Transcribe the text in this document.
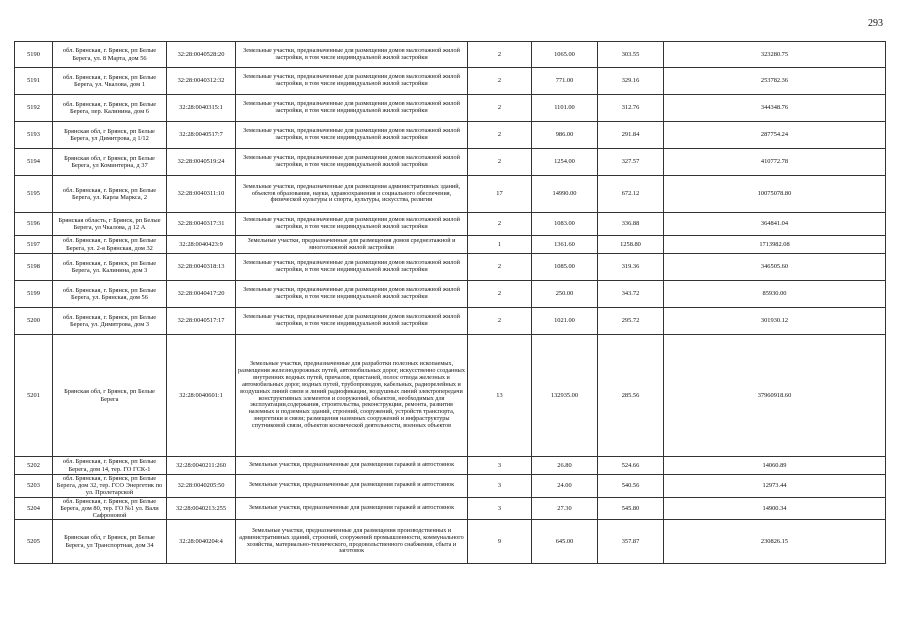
293
5190	обл. Брянская, г. Брянск, рп Белые Берега, ул. 8 Марта, дом 56	32:28:0040528:20	Земельные участки, предназначенные для размещения домов малоэтажной жилой застройки, в том числе индивидуальной жилой застройки	2	1065.00	303.55	323280.75
5191	обл. Брянская, г. Брянск, рп Белые Берега, ул. Чкалова, дом 1	32:28:0040312:32	Земельные участки, предназначенные для размещения домов малоэтажной жилой застройки, в том числе индивидуальной жилой застройки	2	771.00	329.16	253782.36
5192	обл. Брянская, г. Брянск, рп Белые Берега, пер. Калинина, дом 6	32:28:0040315:1	Земельные участки, предназначенные для размещения домов малоэтажной жилой застройки, в том числе индивидуальной жилой застройки	2	1101.00	312.76	344348.76
5193	Брянская обл, г Брянск, рп Белые Берега, ул Димитрова, д 1/12	32:28:0040517:7	Земельные участки, предназначенные для размещения домов малоэтажной жилой застройки, в том числе индивидуальной жилой застройки	2	986.00	291.84	287754.24
5194	Брянская обл, г Брянск, рп Белые Берега, ул Коминтерна, д 37	32:28:0040519:24	Земельные участки, предназначенные для размещения домов малоэтажной жилой застройки, в том числе индивидуальной жилой застройки	2	1254.00	327.57	410772.78
5195	обл. Брянская, г. Брянск, рп Белые Берега, ул. Карла Маркса, 2	32:28:0040311:10	Земельные участки, предназначенные для размещения административных зданий, объектов образования, науки, здравоохранения и социального обеспечения, физической культуры и спорта, культуры, искусства, религии	17	14990.00	672.12	10075078.80
5196	Брянская область, г Брянск, рп Белые Берега, ул Чкалова, д 12 А	32:28:0040317:31	Земельные участки, предназначенные для размещения домов малоэтажной жилой застройки, в том числе индивидуальной жилой застройки	2	1083.00	336.88	364841.04
5197	обл. Брянская, г. Брянск, рп Белые Берега, ул. 2-я Брянская, дом 32	32:28:0040423:9	Земельные участки, предназначенные для размещения домов среднеэтажной и многоэтажной жилой застройки	1	1361.60	1258.80	1713982.08
5198	обл. Брянская, г. Брянск, рп Белые Берега, ул. Калинина, дом 3	32:28:0040318:13	Земельные участки, предназначенные для размещения домов малоэтажной жилой застройки, в том числе индивидуальной жилой застройки	2	1085.00	319.36	346505.60
5199	обл. Брянская, г. Брянск, рп Белые Берега, ул. Брянская, дом 56	32:28:0040417:20	Земельные участки, предназначенные для размещения домов малоэтажной жилой застройки, в том числе индивидуальной жилой застройки	2	250.00	343.72	85930.00
5200	обл. Брянская, г. Брянск, рп Белые Берега, ул. Димитрова, дом 3	32:28:0040517:17	Земельные участки, предназначенные для размещения домов малоэтажной жилой застройки, в том числе индивидуальной жилой застройки	2	1021.00	295.72	301930.12
5201	Брянская обл, г Брянск, рп Белые Берега	32:28:0040601:1	Земельные участки, предназначенные для разработки полезных ископаемых, размещения железнодорожных путей, автомобильных дорог, искусственно созданных внутренних водных путей, причалов, пристаней, полос отвода железных и автомобильных дорог, водных путей, трубопроводов, кабельных, радиорелейных и воздушных линий связи и линий радиофикации, воздушных линий электропередачи конструктивных элементов и сооружений, объектов, необходимых для эксплуатации,содержания, строительства, реконструкции, ремонта, развития наземных и подземных зданий, строений, сооружений, устройств транспорта, энергетики и связи; размещения наземных сооружений и инфраструктуры спутниковой связи, объектов космической деятельности, военных объектов	13	132935.00	285.56	37960918.60
5202	обл. Брянская, г. Брянск, рп Белые Берега, дом 14, тер. ГО ГСК-1	32:28:0040211:260	Земельные участки, предназначенные для размещения гаражей и автостоянок	3	26.80	524.66	14060.89
5203	обл. Брянская, г. Брянск, рп Белые Берега, дом 32, тер. ГСО Энергетик по ул. Пролетарской	32:28:0040205:50	Земельные участки, предназначенные для размещения гаражей и автостоянок	3	24.00	540.56	12973.44
5204	обл. Брянская, г. Брянск, рп Белые Берега, дом 80, тер. ГО №1 ул. Вали Сафроновой	32:28:0040213:255	Земельные участки, предназначенные для размещения гаражей и автостоянок	3	27.30	545.80	14900.34
5205	Брянская обл, г Брянск, рп Белые Берега, ул Транспортная, дом 34	32:28:0040204:4	Земельные участки, предназначенные для размещения производственных и административных зданий, строений, сооружений промышленности, коммунального хозяйства, материально-технического, продовольственного снабжения, сбыта и заготовок	9	645.00	357.87	230826.15
